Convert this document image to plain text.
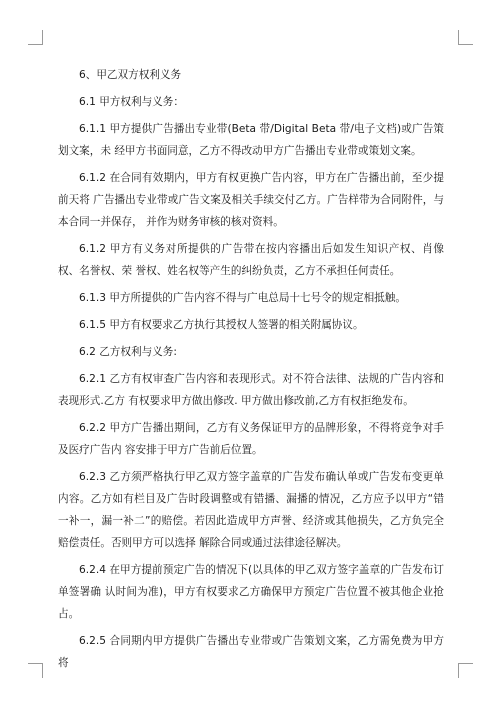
6、甲乙双方权利义务

6.1 甲方权利与义务：

6.1.1 甲方提供广告播出专业带(Beta 带/Digital Beta 带/电子文档)或广告策划文案，未 经甲方书面同意，乙方不得改动甲方广告播出专业带或策划文案。

6.1.2 在合同有效期内，甲方有权更换广告内容，甲方在广告播出前，至少提前天将 广告播出专业带或广告文案及相关手续交付乙方。广告样带为合同附件，与本合同一并保存， 并作为财务审核的核对资料。

6.1.2 甲方有义务对所提供的广告带在按内容播出后如发生知识产权、肖像权、名誉权、荣 誉权、姓名权等产生的纠纷负责，乙方不承担任何责任。

6.1.3 甲方所提供的广告内容不得与广电总局十七号令的规定相抵触。

6.1.5 甲方有权要求乙方执行其授权人签署的相关附属协议。

6.2 乙方权利与义务:

6.2.1 乙方有权审查广告内容和表现形式。对不符合法律、法规的广告内容和表现形式.乙方 有权要求甲方做出修改. 甲方做出修改前,乙方有权拒绝发布。

6.2.2 甲方广告播出期间，乙方有义务保证甲方的品牌形象，不得将竞争对手及医疗广告内 容安排于甲方广告前后位置。

6.2.3 乙方须严格执行甲乙双方签字盖章的广告发布确认单或广告发布变更单内容。乙方如有栏目及广告时段调整或有错播、漏播的情况，乙方应予以甲方“错一补一，漏一补二”的赔偿。若因此造成甲方声誉、经济或其他损失，乙方负完全赔偿责任。否则甲方可以选择 解除合同或通过法律途径解决。

6.2.4 在甲方提前预定广告的情况下(以具体的甲乙双方签字盖章的广告发布订单签署确 认时间为准)，甲方有权要求乙方确保甲方预定广告位置不被其他企业抢占。

6.2.5 合同期内甲方提供广告播出专业带或广告策划文案，乙方需免费为甲方将
